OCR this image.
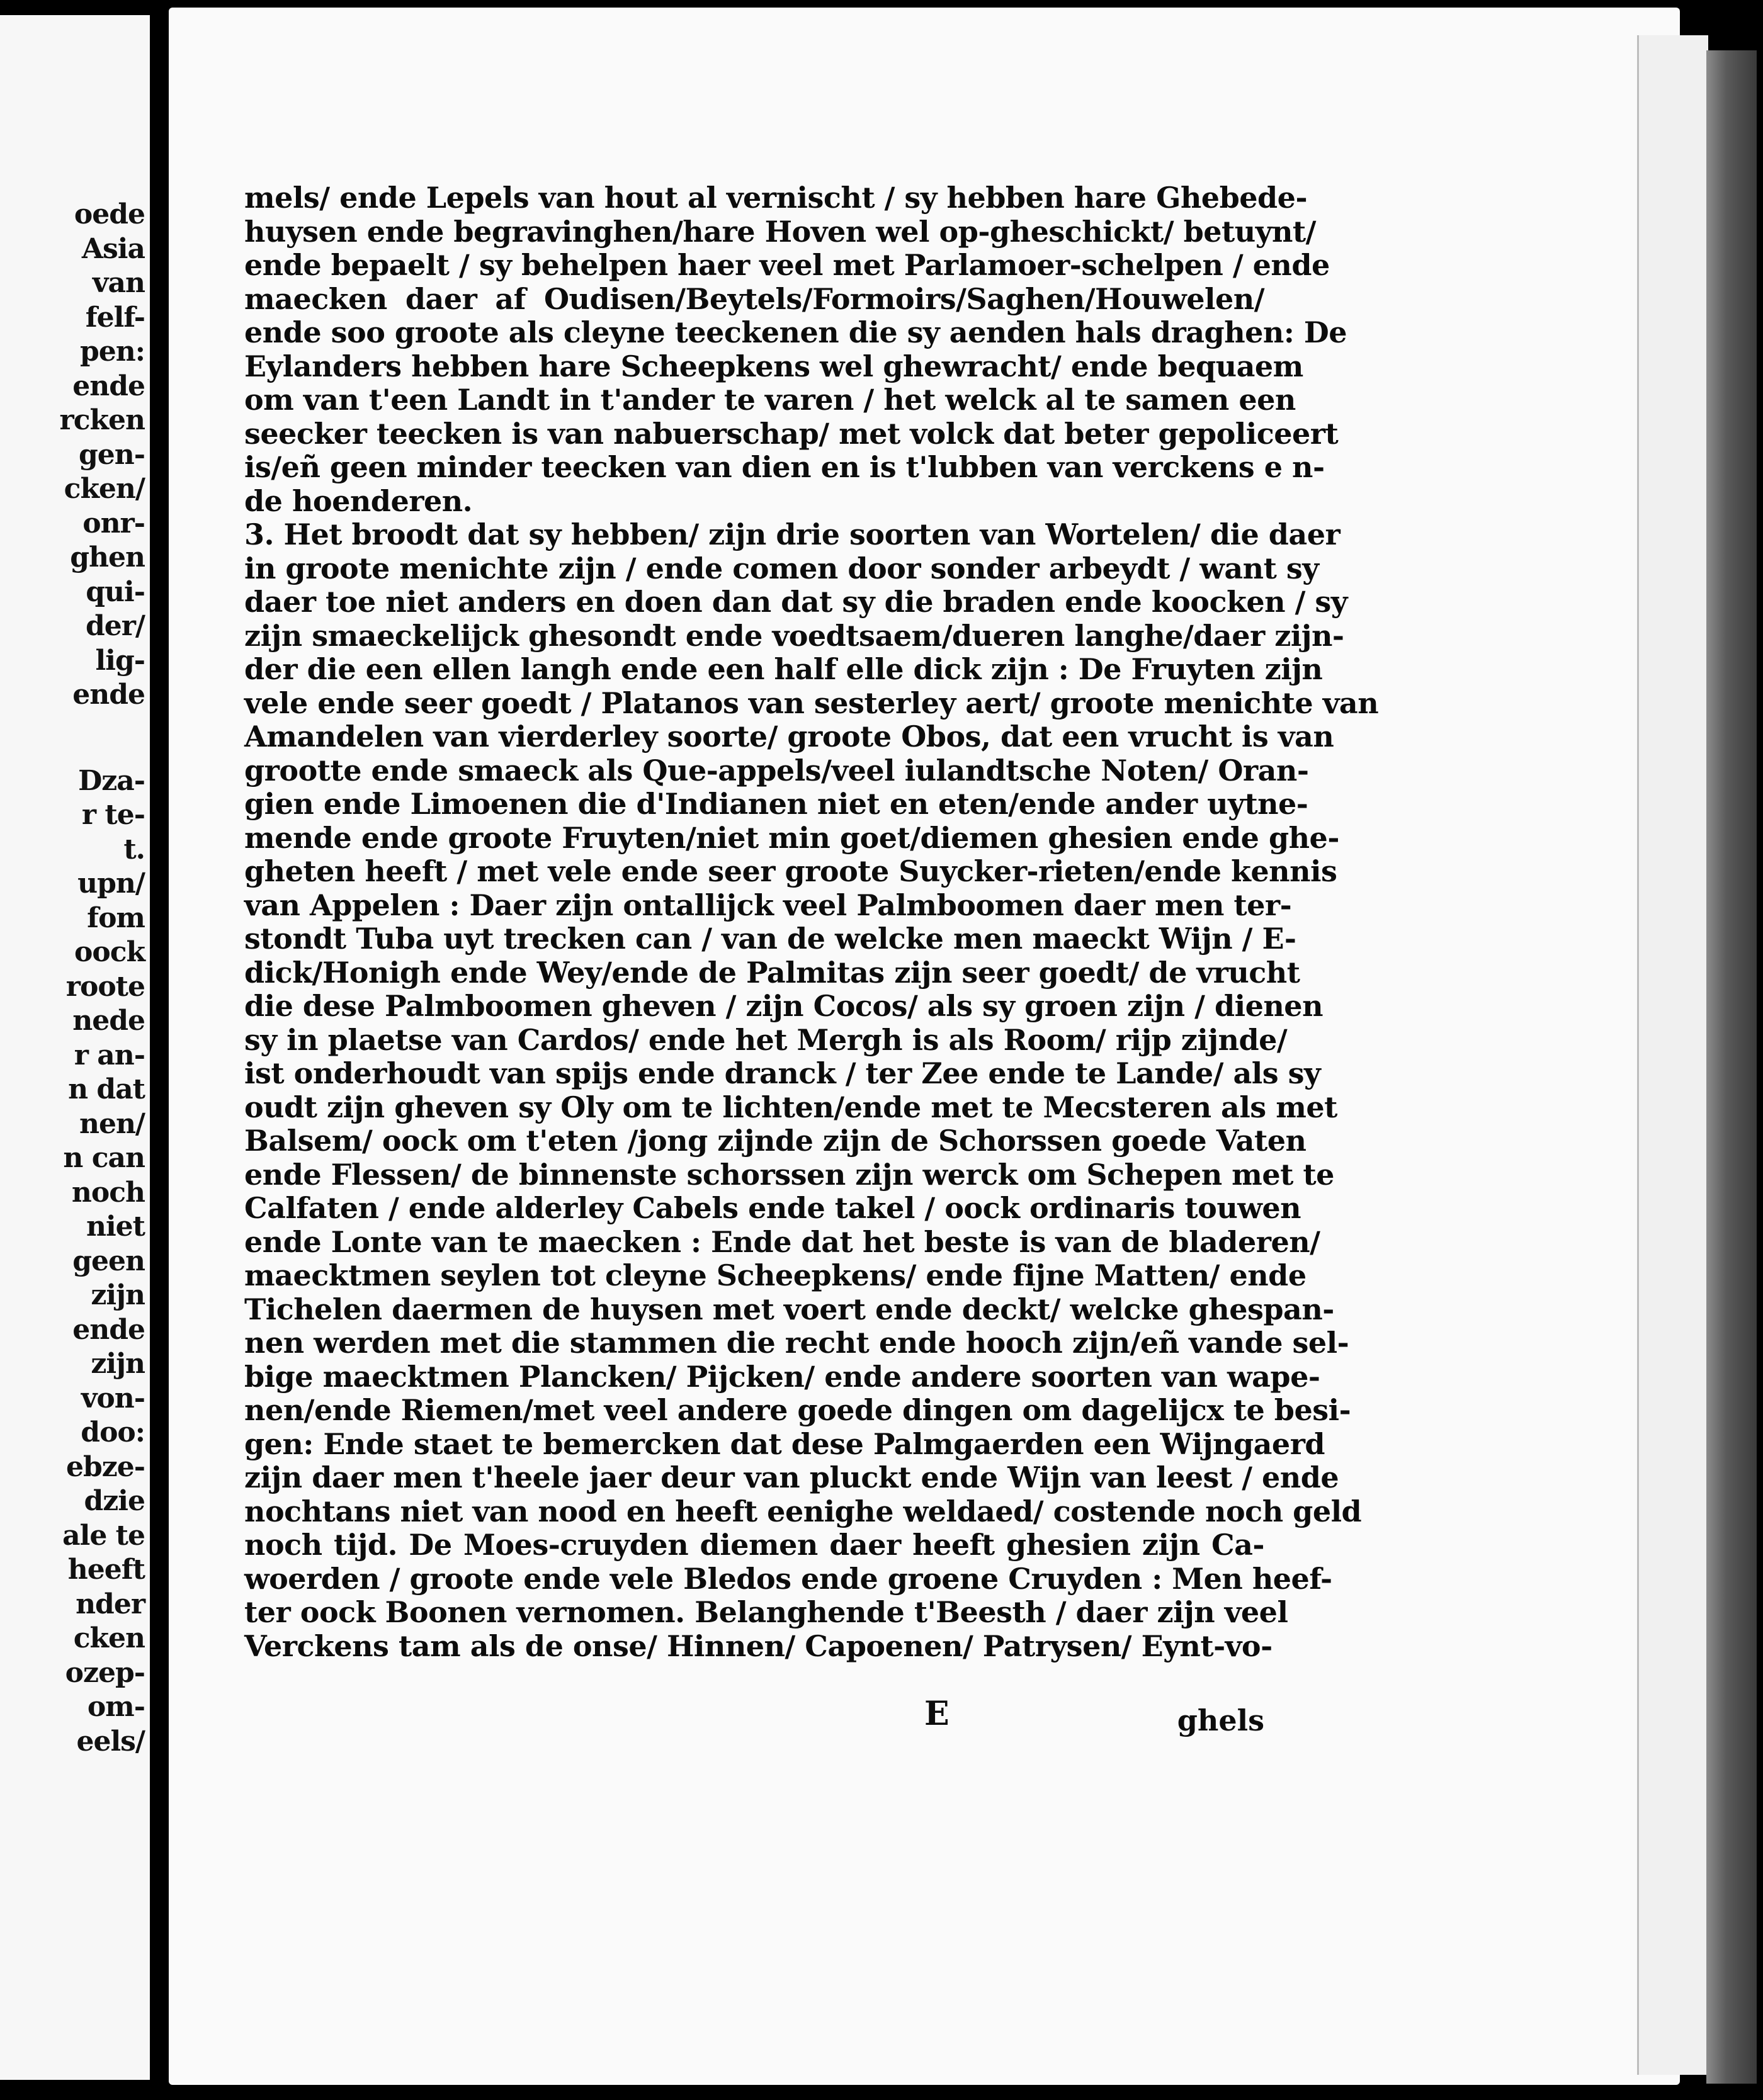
oede
Asia
van
felf-
pen:
ende
rcken
gen-
cken/
onr-
ghen
qui-
der/
lig-
ende
Dza-
r te-
t.
upn/
fom
oock
roote
nede
r an-
n dat
nen/
n can
noch
niet
geen
zijn
ende
zijn
von-
doo:
ebze-
dzie
ale te
heeft
nder
cken
ozep-
om-
eels/
mels/ ende Lepels van hout al vernischt / sy hebben hare Ghebede-
huysen ende begravinghen/hare Hoven wel op-gheschickt/ betuynt/
ende bepaelt / sy behelpen haer veel met Parlamoer-schelpen / ende
maecken daer af Oudisen/Beytels/Formoirs/Saghen/Houwelen/
ende soo groote als cleyne teeckenen die sy aenden hals draghen: De
Eylanders hebben hare Scheepkens wel ghewracht/ ende bequaem
om van t'een Landt in t'ander te varen / het welck al te samen een
seecker teecken is van nabuerschap/ met volck dat beter gepoliceert
is/eñ geen minder teecken van dien en is t'lubben van verckens e n-
de hoenderen.
3. Het broodt dat sy hebben/ zijn drie soorten van Wortelen/ die daer
in groote menichte zijn / ende comen door sonder arbeydt / want sy
daer toe niet anders en doen dan dat sy die braden ende koocken / sy
zijn smaeckelijck ghesondt ende voedtsaem/dueren langhe/daer zijn-
der die een ellen langh ende een half elle dick zijn : De Fruyten zijn
vele ende seer goedt / Platanos van sesterley aert/ groote menichte van
Amandelen van vierderley soorte/ groote Obos, dat een vrucht is van
grootte ende smaeck als Que-appels/veel iulandtsche Noten/ Oran-
gien ende Limoenen die d'Indianen niet en eten/ende ander uytne-
mende ende groote Fruyten/niet min goet/diemen ghesien ende ghe-
gheten heeft / met vele ende seer groote Suycker-rieten/ende kennis
van Appelen : Daer zijn ontallijck veel Palmboomen daer men ter-
stondt Tuba uyt trecken can / van de welcke men maeckt Wijn / E-
dick/Honigh ende Wey/ende de Palmitas zijn seer goedt/ de vrucht
die dese Palmboomen gheven / zijn Cocos/ als sy groen zijn / dienen
sy in plaetse van Cardos/ ende het Mergh is als Room/ rijp zijnde/
ist onderhoudt van spijs ende dranck / ter Zee ende te Lande/ als sy
oudt zijn gheven sy Oly om te lichten/ende met te Mecsteren als met
Balsem/ oock om t'eten /jong zijnde zijn de Schorssen goede Vaten
ende Flessen/ de binnenste schorssen zijn werck om Schepen met te
Calfaten / ende alderley Cabels ende takel / oock ordinaris touwen
ende Lonte van te maecken : Ende dat het beste is van de bladeren/
maecktmen seylen tot cleyne Scheepkens/ ende fijne Matten/ ende
Tichelen daermen de huysen met voert ende deckt/ welcke ghespan-
nen werden met die stammen die recht ende hooch zijn/eñ vande sel-
bige maecktmen Plancken/ Pijcken/ ende andere soorten van wape-
nen/ende Riemen/met veel andere goede dingen om dagelijcx te besi-
gen: Ende staet te bemercken dat dese Palmgaerden een Wijngaerd
zijn daer men t'heele jaer deur van pluckt ende Wijn van leest / ende
nochtans niet van nood en heeft eenighe weldaed/ costende noch geld
noch tijd. De Moes-cruyden diemen daer heeft ghesien zijn Ca-
woerden / groote ende vele Bledos ende groene Cruyden : Men heef-
ter oock Boonen vernomen. Belanghende t'Beesth / daer zijn veel
Verckens tam als de onse/ Hinnen/ Capoenen/ Patrysen/ Eynt-vo-
E	ghels
